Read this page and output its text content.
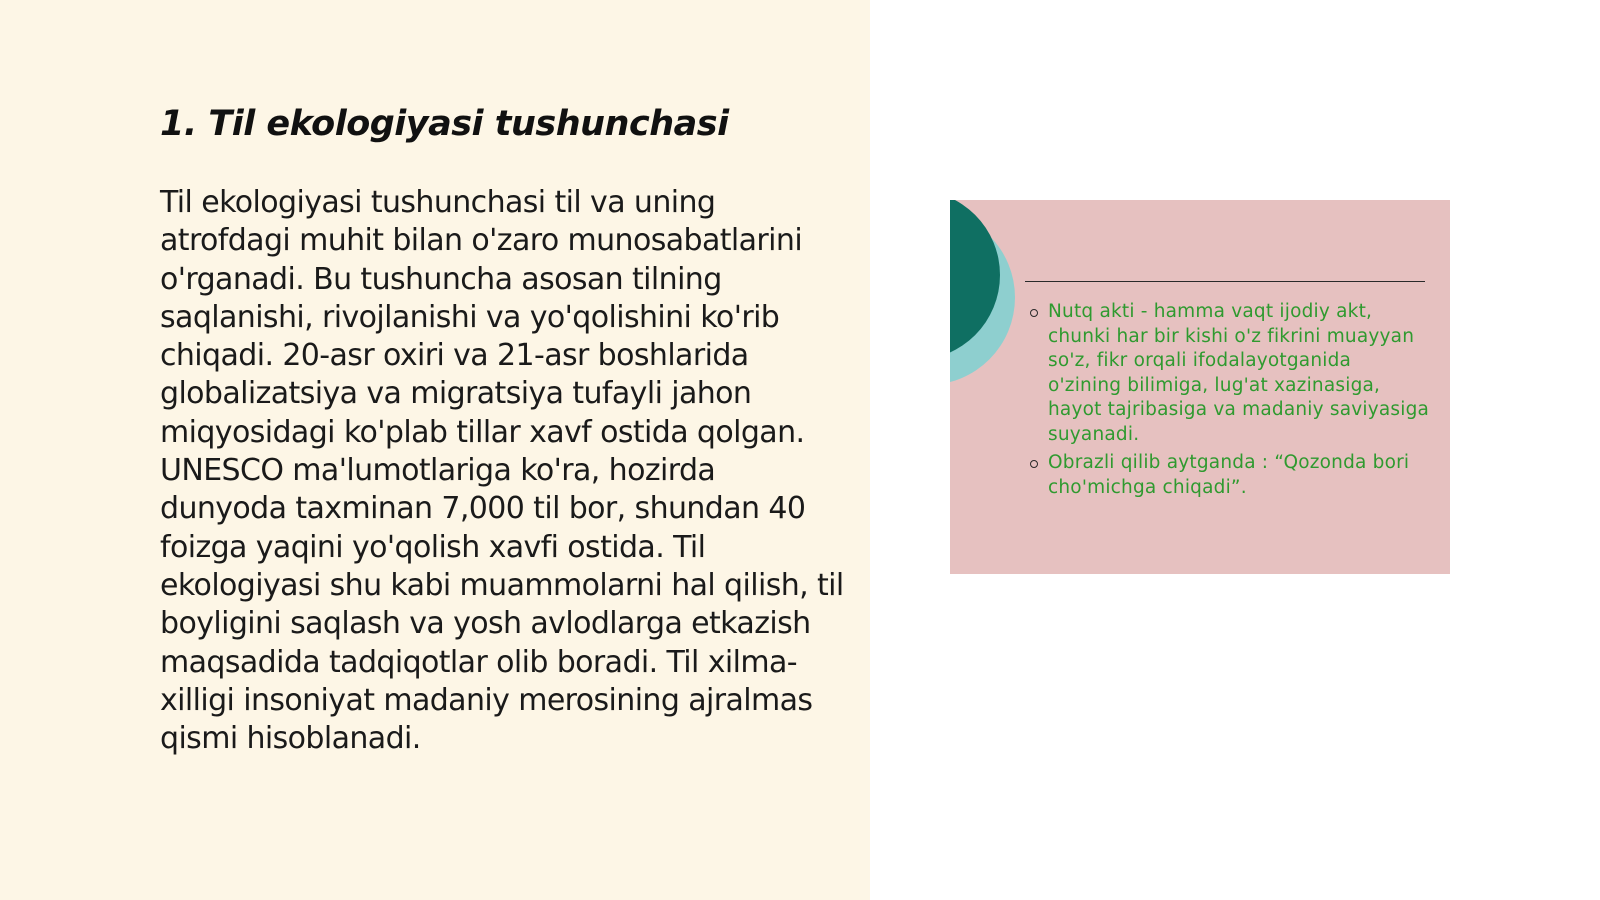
1. Til ekologiyasi tushunchasi

Til ekologiyasi tushunchasi til va uning atrofdagi muhit bilan o'zaro munosabatlarini o'rganadi. Bu tushuncha asosan tilning saqlanishi, rivojlanishi va yo'qolishini ko'rib chiqadi. 20-asr oxiri va 21-asr boshlarida globalizatsiya va migratsiya tufayli jahon miqyosidagi ko'plab tillar xavf ostida qolgan. UNESCO ma'lumotlariga ko'ra, hozirda dunyoda taxminan 7,000 til bor, shundan 40 foizga yaqini yo'qolish xavfi ostida. Til ekologiyasi shu kabi muammolarni hal qilish, til boyligini saqlash va yosh avlodlarga etkazish maqsadida tadqiqotlar olib boradi. Til xilma-xilligi insoniyat madaniy merosining ajralmas qismi hisoblanadi.

Nutq akti - hamma vaqt ijodiy akt, chunki har bir kishi o'z fikrini muayyan so'z, fikr orqali ifodalayotganida o'zining bilimiga, lug'at xazinasiga, hayot tajribasiga va madaniy saviyasiga suyanadi.
Obrazli qilib aytganda : “Qozonda bori cho'michga chiqadi”.
